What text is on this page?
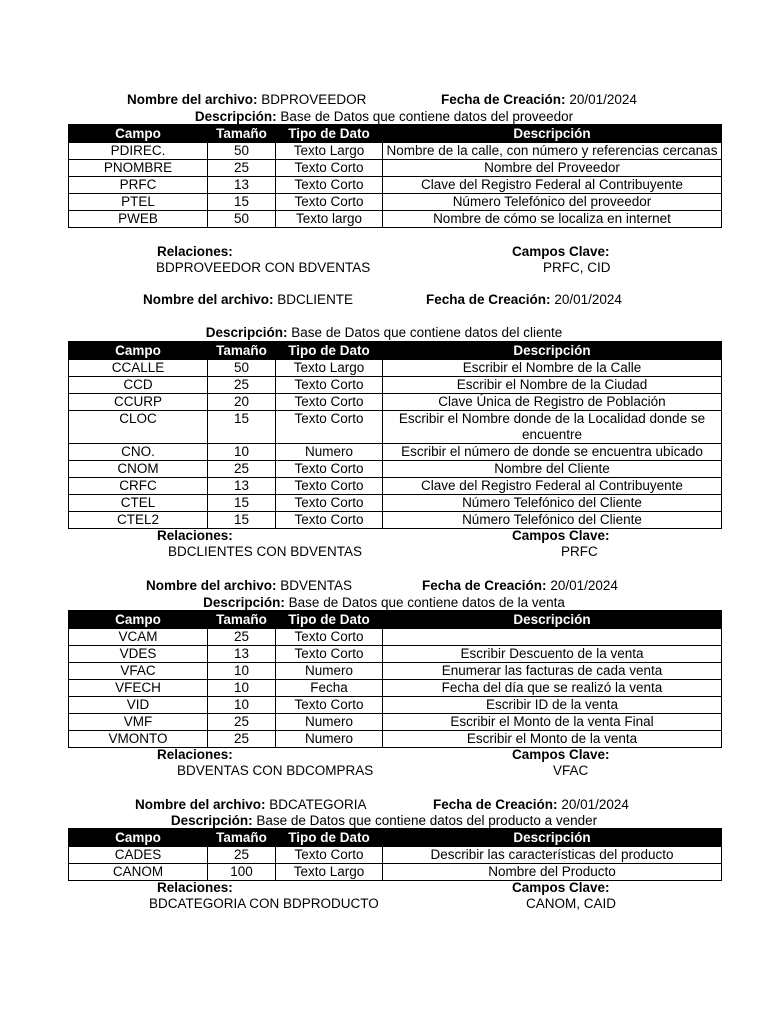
Nombre del archivo: BDPROVEEDOR	Fecha de Creación: 20/01/2024
Descripción: Base de Datos que contiene datos del proveedor
Campo	Tamaño	Tipo de Dato	Descripción
PDIREC.	50	Texto Largo	Nombre de la calle, con número y referencias cercanas
PNOMBRE	25	Texto Corto	Nombre del Proveedor
PRFC	13	Texto Corto	Clave del Registro Federal al Contribuyente
PTEL	15	Texto Corto	Número Telefónico del proveedor
PWEB	50	Texto largo	Nombre de cómo se localiza en internet
Relaciones:	Campos Clave:
BDPROVEEDOR CON BDVENTAS	PRFC, CID
Nombre del archivo: BDCLIENTE	Fecha de Creación: 20/01/2024
Descripción: Base de Datos que contiene datos del cliente
Campo	Tamaño	Tipo de Dato	Descripción
CCALLE	50	Texto Largo	Escribir el Nombre de la Calle
CCD	25	Texto Corto	Escribir el Nombre de la Ciudad
CCURP	20	Texto Corto	Clave Única de Registro de Población
CLOC	15	Texto Corto	Escribir el Nombre donde de la Localidad donde se encuentre
CNO.	10	Numero	Escribir el número de donde se encuentra ubicado
CNOM	25	Texto Corto	Nombre del Cliente
CRFC	13	Texto Corto	Clave del Registro Federal al Contribuyente
CTEL	15	Texto Corto	Número Telefónico del Cliente
CTEL2	15	Texto Corto	Número Telefónico del Cliente
Relaciones:	Campos Clave:
BDCLIENTES CON BDVENTAS	PRFC
Nombre del archivo: BDVENTAS	Fecha de Creación: 20/01/2024
Descripción: Base de Datos que contiene datos de la venta
Campo	Tamaño	Tipo de Dato	Descripción
VCAM	25	Texto Corto	
VDES	13	Texto Corto	Escribir Descuento de la venta
VFAC	10	Numero	Enumerar las facturas de cada venta
VFECH	10	Fecha	Fecha del día que se realizó la venta
VID	10	Texto Corto	Escribir ID de la venta
VMF	25	Numero	Escribir el Monto de la venta Final
VMONTO	25	Numero	Escribir el Monto de la venta
Relaciones:	Campos Clave:
BDVENTAS CON BDCOMPRAS	VFAC
Nombre del archivo: BDCATEGORIA	Fecha de Creación: 20/01/2024
Descripción: Base de Datos que contiene datos del producto a vender
Campo	Tamaño	Tipo de Dato	Descripción
CADES	25	Texto Corto	Describir las características del producto
CANOM	100	Texto Largo	Nombre del Producto
Relaciones:	Campos Clave:
BDCATEGORIA CON BDPRODUCTO	CANOM, CAID
